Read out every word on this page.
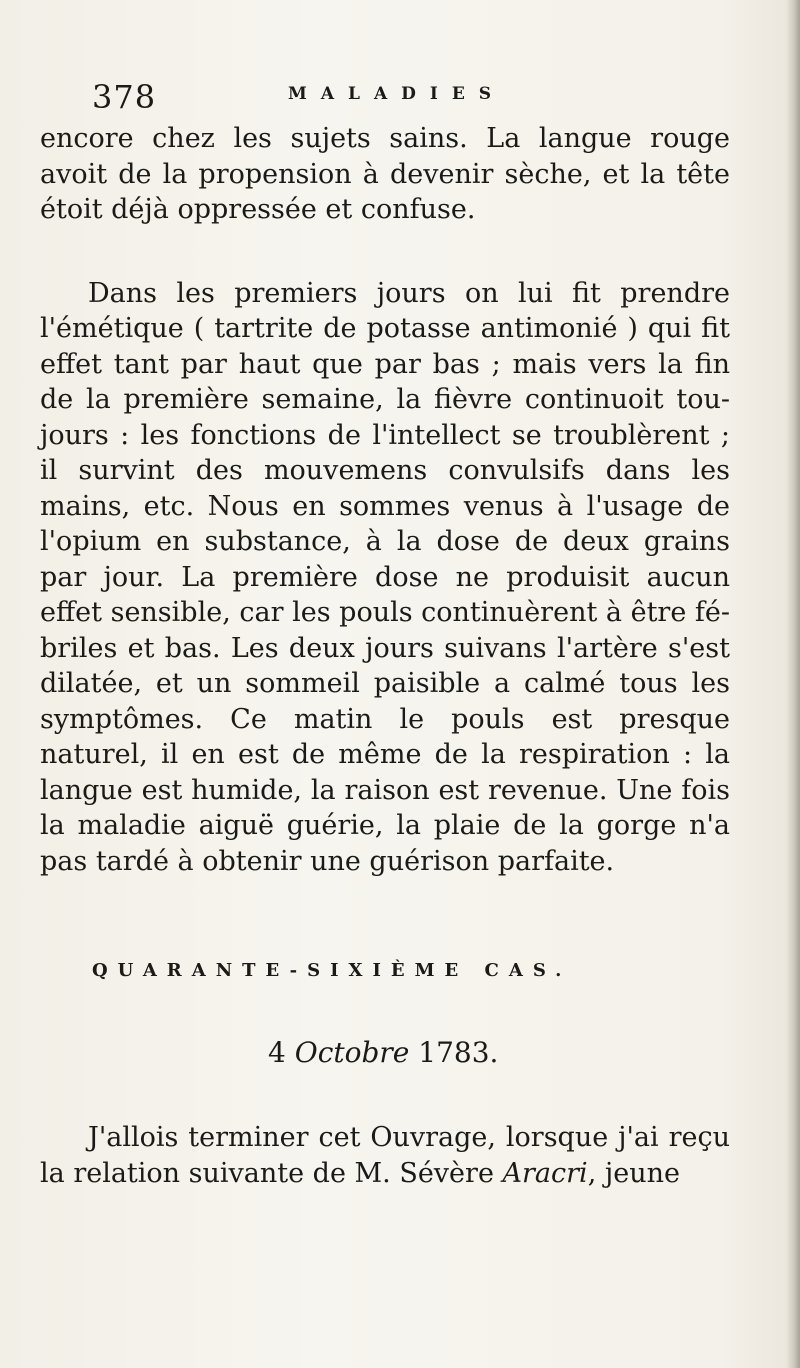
378	MALADIES

encore chez les sujets sains. La langue rouge avoit de la propension à devenir sèche, et la tête étoit déjà oppressée et confuse.

Dans les premiers jours on lui fit prendre l'émétique ( tartrite de potasse antimonié ) qui fit effet tant par haut que par bas ; mais vers la fin de la première semaine, la fièvre continuoit tou-jours : les fonctions de l'intellect se troublèrent ; il survint des mouvemens convulsifs dans les mains, etc. Nous en sommes venus à l'usage de l'opium en substance, à la dose de deux grains par jour. La première dose ne produisit aucun effet sensible, car les pouls continuèrent à être fé-briles et bas. Les deux jours suivans l'artère s'est dilatée, et un sommeil paisible a calmé tous les symptômes. Ce matin le pouls est presque naturel, il en est de même de la respiration : la langue est humide, la raison est revenue. Une fois la maladie aiguë guérie, la plaie de la gorge n'a pas tardé à obtenir une guérison parfaite.

QUARANTE-SIXIÈME CAS.
4 Octobre 1783.

J'allois terminer cet Ouvrage, lorsque j'ai reçu la relation suivante de M. Sévère Aracri, jeune
